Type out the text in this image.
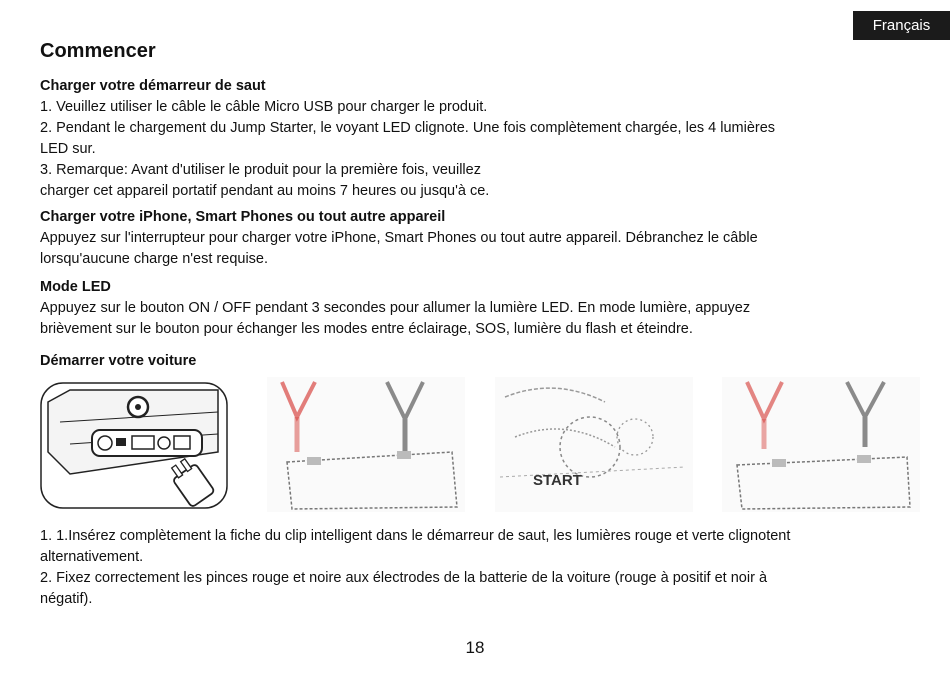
Français
Commencer
Charger votre démarreur de saut

1. Veuillez utiliser le câble le câble Micro USB pour charger le produit.

2. Pendant le chargement du Jump Starter, le voyant LED clignote. Une fois complètement chargée, les 4 lumières

LED sur.

3. Remarque: Avant d'utiliser le produit pour la première fois, veuillez

charger cet appareil portatif pendant au moins 7 heures ou jusqu'à ce.

Charger votre iPhone, Smart Phones ou tout autre appareil

Appuyez sur l'interrupteur pour charger votre iPhone, Smart Phones ou tout autre appareil. Débranchez le câble

lorsqu'aucune charge n'est requise.

Mode LED

Appuyez sur le bouton ON / OFF pendant 3 secondes pour allumer la lumière LED. En mode lumière, appuyez

brièvement sur le bouton pour échanger les modes entre éclairage, SOS, lumière du flash et éteindre.

Démarrer votre voiture
START

1. 1.Insérez complètement la fiche du clip intelligent dans le démarreur de saut, les lumières rouge et verte clignotent

alternativement.

2. Fixez correctement les pinces rouge et noire aux électrodes de la batterie de la voiture (rouge à positif et noir à

négatif).

18
